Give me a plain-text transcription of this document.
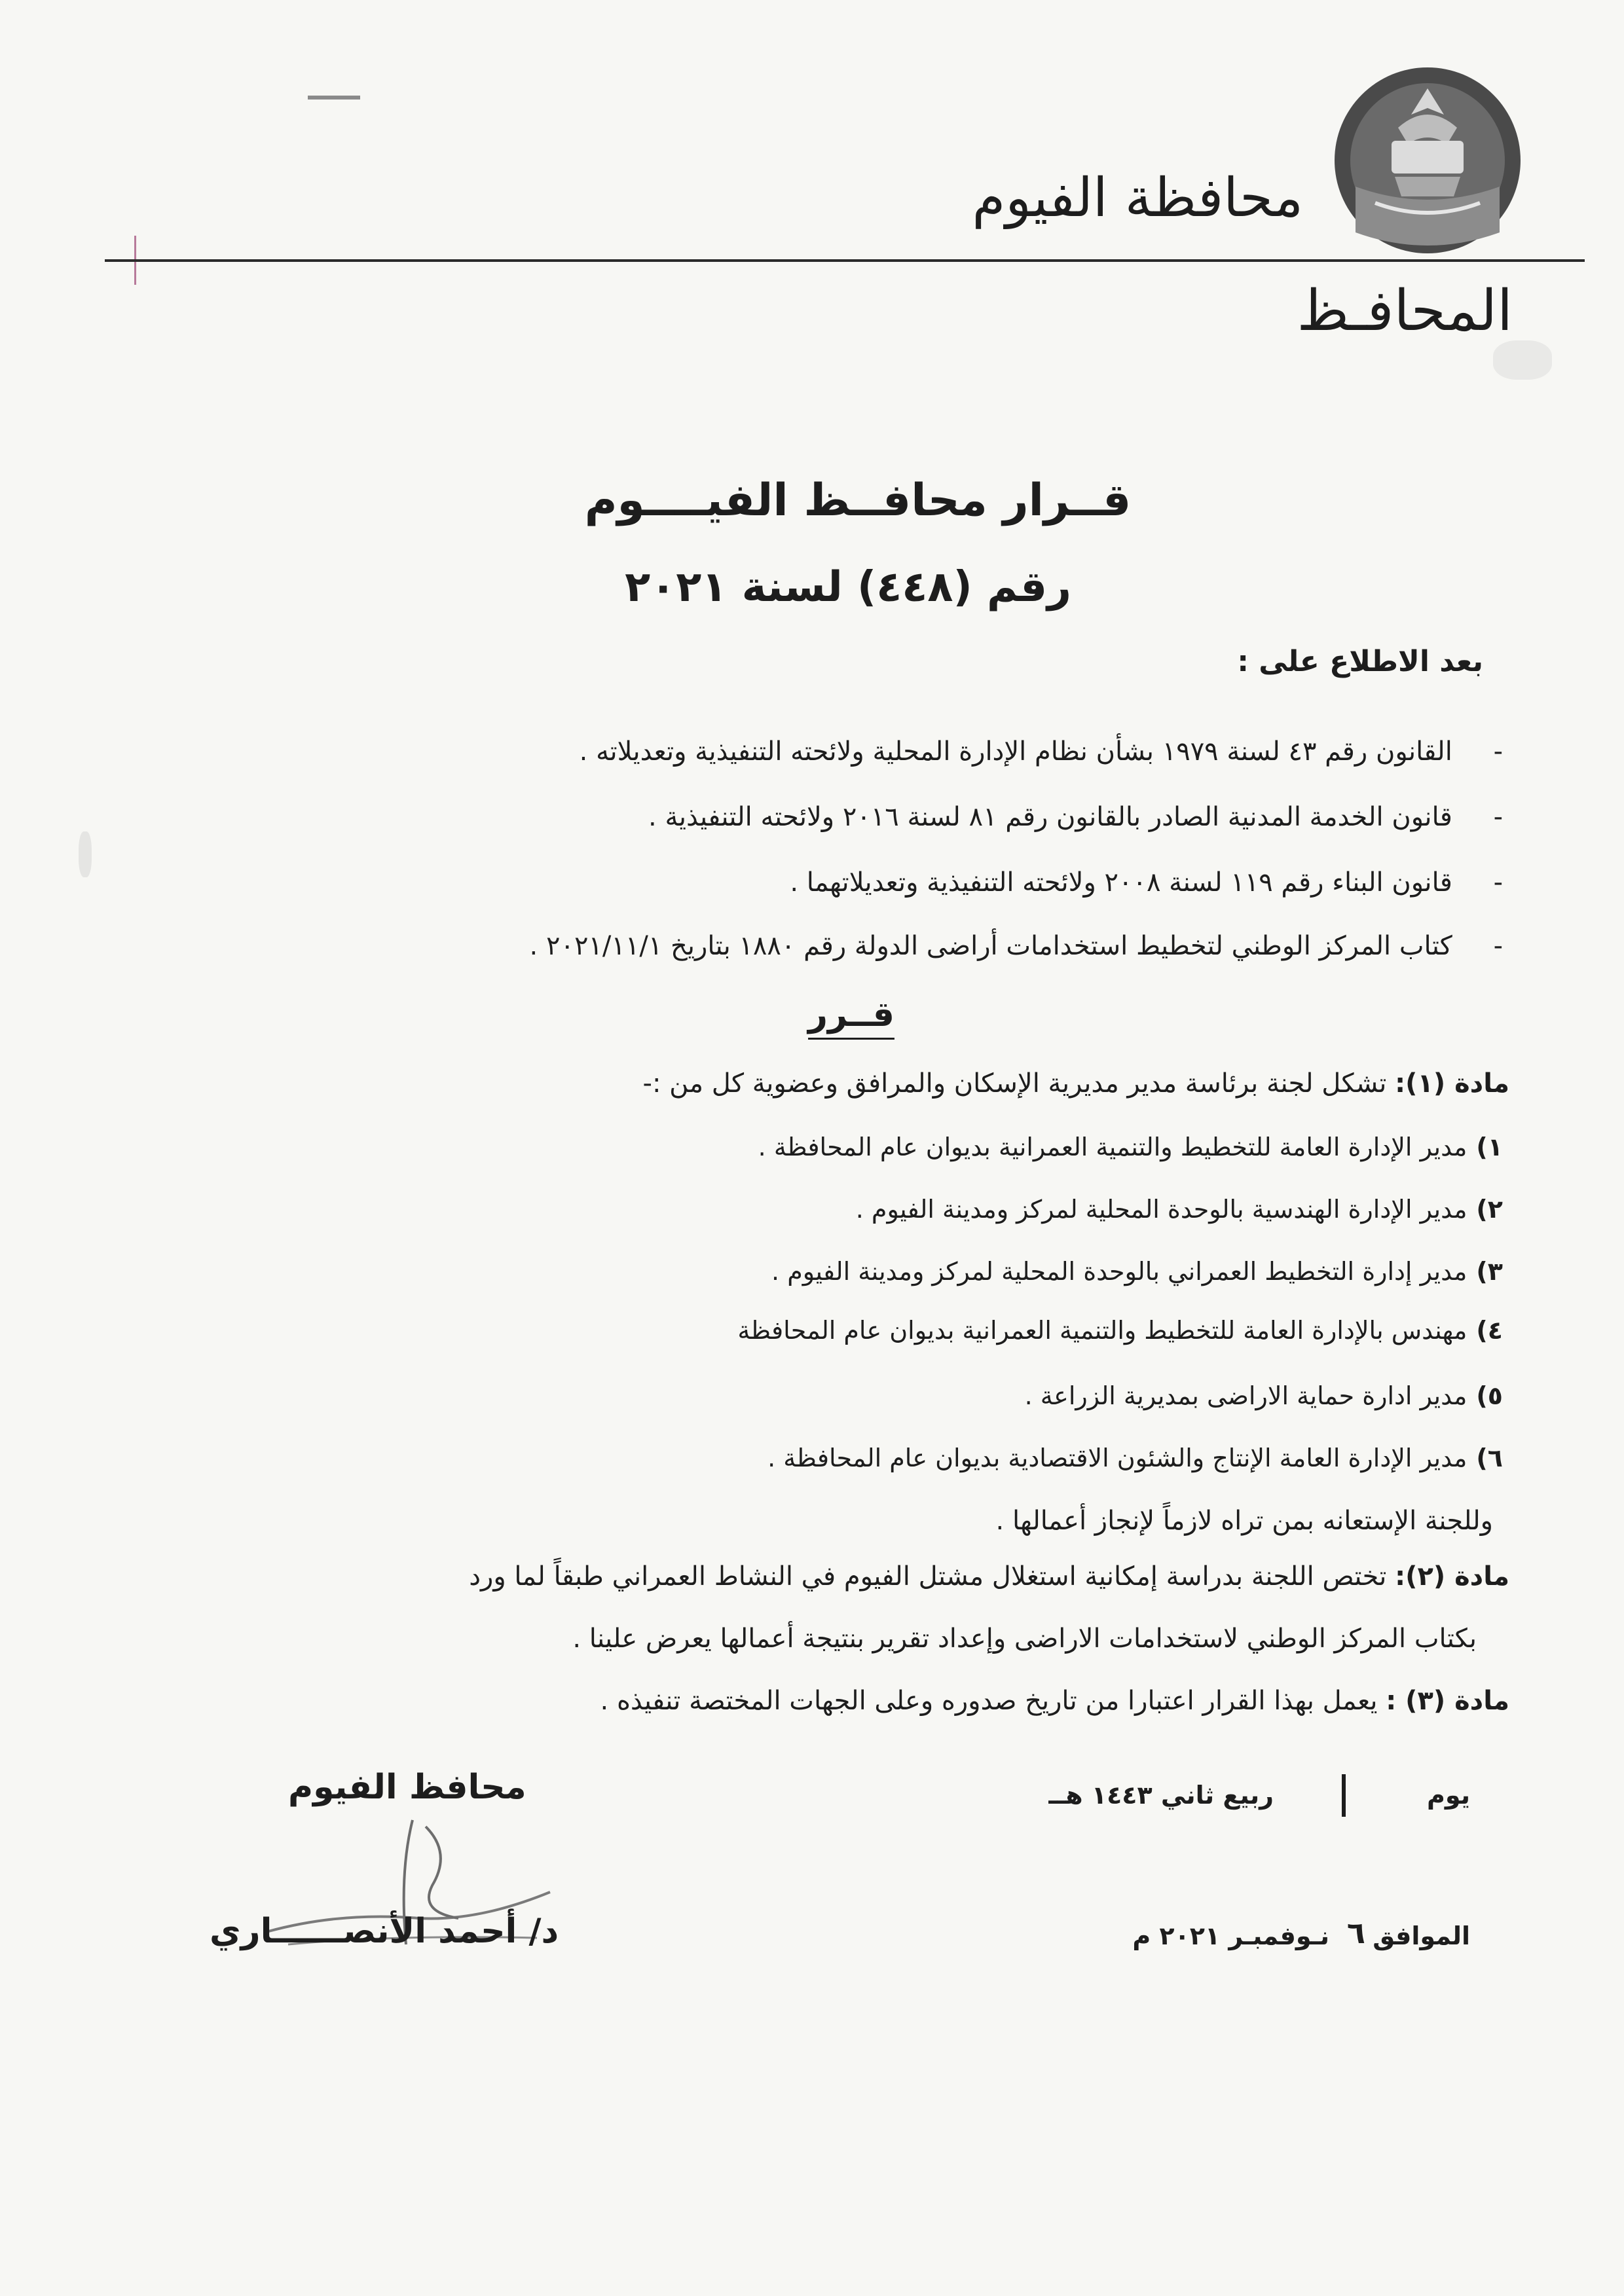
محافظة الفيوم
المحافـظ
قــرار محافــظ الفيــــوم
رقم (٤٤٨) لسنة ٢٠٢١
بعد الاطلاع على :
- القانون رقم ٤٣ لسنة ١٩٧٩ بشأن نظام الإدارة المحلية ولائحته التنفيذية وتعديلاته .
- قانون الخدمة المدنية الصادر بالقانون رقم ٨١ لسنة ٢٠١٦ ولائحته التنفيذية .
- قانون البناء رقم ١١٩ لسنة ٢٠٠٨ ولائحته التنفيذية وتعديلاتهما .
- كتاب المركز الوطني لتخطيط استخدامات أراضى الدولة رقم ١٨٨٠ بتاريخ ٢٠٢١/١١/١ .
قــرر
مادة (١): تشكل لجنة برئاسة مدير مديرية الإسكان والمرافق وعضوية كل من :-
١)مدير الإدارة العامة للتخطيط والتنمية العمرانية بديوان عام المحافظة .
٢)مدير الإدارة الهندسية بالوحدة المحلية لمركز ومدينة الفيوم .
٣)مدير إدارة التخطيط العمراني بالوحدة المحلية لمركز ومدينة الفيوم .
٤)مهندس بالإدارة العامة للتخطيط والتنمية العمرانية بديوان عام المحافظة
٥)مدير ادارة حماية الاراضى بمديرية الزراعة .
٦)مدير الإدارة العامة الإنتاج والشئون الاقتصادية بديوان عام المحافظة .
وللجنة الإستعانه بمن تراه لازماً لإنجاز أعمالها .
مادة (٢): تختص اللجنة بدراسة إمكانية استغلال مشتل الفيوم في النشاط العمراني طبقاً لما ورد
بكتاب المركز الوطني لاستخدامات الاراضى وإعداد تقرير بنتيجة أعمالها يعرض علينا .
مادة (٣) : يعمل بهذا القرار اعتبارا من تاريخ صدوره وعلى الجهات المختصة تنفيذه .
محافظ الفيوم
د/ أحمد الأنصــــــاري
يوم
ربيع ثاني ١٤٤٣ هــ
الموافق
٦
نـوفمبـر ٢٠٢١ م
